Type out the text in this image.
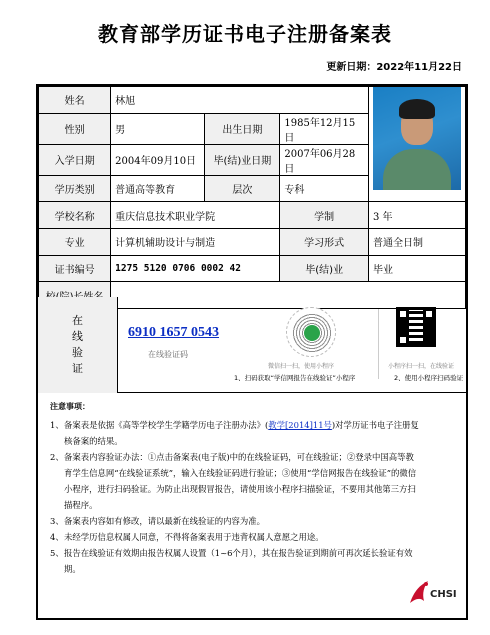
教育部学历证书电子注册备案表
更新日期：2022年11月22日
姓名	林旭			

性别	男	出生日期	1985年12月15日	
入学日期	2004年09月10日	毕(结)业日期	2007年06月28日	
学历类别	普通高等教育	层次	专科	
学校名称	重庆信息技术职业学院		学制	3 年
专业	计算机辅助设计与制造		学习形式	普通全日制
证书编号	1275 5120 0706 0002 42		毕(结)业	毕业

在
线
验
证
6910 1657 0543
在线验证码
微信扫一扫，使用小程序
1、扫码获取“学信网报告在线验证”小程序
小程序扫一扫，在线验证
2、使用小程序扫码验证
注意事项：
1、 备案表是依据《高等学校学生学籍学历电子注册办法》(教学[2014]11号)对学历证书电子注册复核备案的结果。
2、 备案表内容验证办法：①点击备案表(电子版)中的在线验证码，可在线验证；②登录中国高等教育学生信息网“在线验证系统”，输入在线验证码进行验证；③使用“学信网报告在线验证”的微信小程序，进行扫码验证。为防止出现假冒报告，请使用该小程序扫描验证，不要用其他第三方扫描程序。
3、 备案表内容如有修改，请以最新在线验证的内容为准。
4、 未经学历信息权属人同意，不得将备案表用于违背权属人意愿之用途。
5、 报告在线验证有效期由报告权属人设置（1~6个月），其在报告验证到期前可再次延长验证有效期。
CHSI
